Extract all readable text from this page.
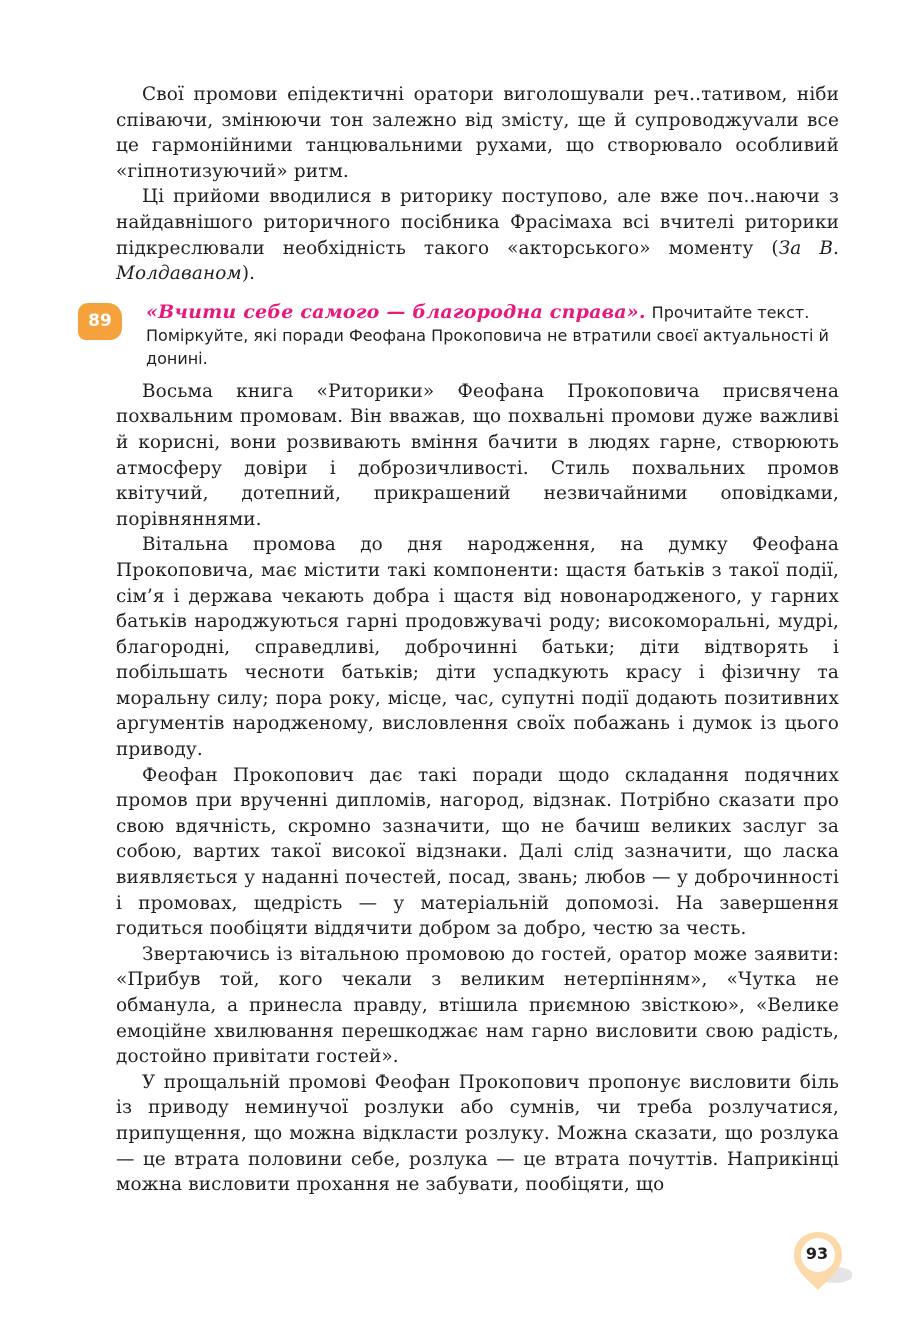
Свої промови епідектичні оратори виголошували реч..тативом, ніби співаючи, змінюючи тон залежно від змісту, ще й супроводжуvали все це гармонійними танцювальними рухами, що створювало особливий «гіпнотизуючий» ритм.

Ці прийоми вводилися в риторику поступово, але вже поч..наючи з найдавнішого риторичного посібника Фрасімаха всі вчителі риторики підкреслювали необхідність такого «акторського» моменту (За В. Молдаваном).

89	«Вчити себе самого — благородна справа». Прочитайте текст. Поміркуйте, які поради Феофана Прокоповича не втратили своєї актуальності й донині.

Восьма книга «Риторики» Феофана Прокоповича присвячена похвальним промовам. Він вважав, що похвальні промови дуже важливі й корисні, вони розвивають вміння бачити в людях гарне, створюють атмосферу довіри і доброзичливості. Стиль похвальних промов квітучий, дотепний, прикрашений незвичайними оповідками, порівняннями.

Вітальна промова до дня народження, на думку Феофана Прокоповича, має містити такі компоненти: щастя батьків з такої події, сім’я і держава чекають добра і щастя від новонародженого, у гарних батьків народжуються гарні продовжувачі роду; високоморальні, мудрі, благородні, справедливі, доброчинні батьки; діти відтворять і побільшать чесноти батьків; діти успадкують красу і фізичну та моральну силу; пора року, місце, час, супутні події додають позитивних аргументів народженому, висловлення своїх побажань і думок із цього приводу.

Феофан Прокопович дає такі поради щодо складання подячних промов при врученні дипломів, нагород, відзнак. Потрібно сказати про свою вдячність, скромно зазначити, що не бачиш великих заслуг за собою, вартих такої високої відзнаки. Далі слід зазначити, що ласка виявляється у наданні почестей, посад, звань; любов — у доброчинності і промовах, щедрість — у матеріальній допомозі. На завершення годиться пообіцяти віддячити добром за добро, честю за честь.

Звертаючись із вітальною промовою до гостей, оратор може заявити: «Прибув той, кого чекали з великим нетерпінням», «Чутка не обманула, а принесла правду, втішила приємною звісткою», «Велике емоційне хвилювання перешкоджає нам гарно висловити свою радість, достойно привітати гостей».

У прощальній промові Феофан Прокопович пропонує висловити біль із приводу неминучої розлуки або сумнів, чи треба розлучатися, припущення, що можна відкласти розлуку. Можна сказати, що розлука — це втрата половини себе, розлука — це втрата почуттів. Наприкінці можна висловити прохання не забувати, пообіцяти, що

93
